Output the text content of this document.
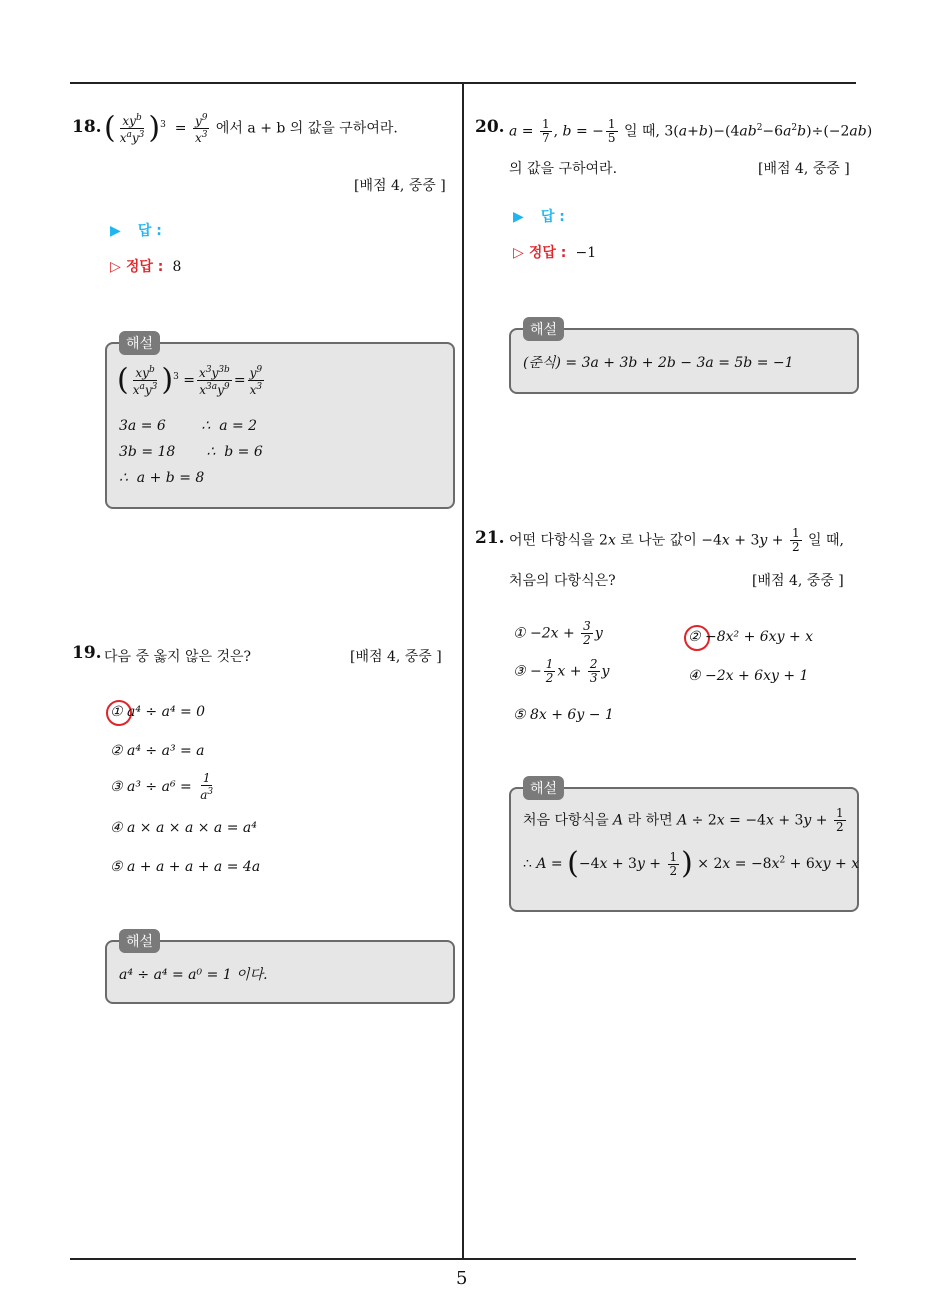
5
18. ( $\frac{xy^b}{x^ay^3} )^3 = \frac{y^9}{x^3}$ 에서 a + b 의 값을 구하여라.
[배점 4, 중중 ]
▶ 답 :
▷ 정답 : 8
( $\frac{xy^b}{x^ay^3} )^3 = \frac{x^3y^{3b}}{x^{3a}y^9} = \frac{y^9}{x^3}$
3a = 6        ∴  a = 2
3b = 18       ∴  b = 6
∴  a + b = 8
해설
19. 다음 중 옳지 않은 것은?	[배점 4, 중중 ]
① a⁴ ÷ a⁴ = 0
② a⁴ ÷ a³ = a
③ $a^3 \div a^6 = \frac{1}{a^3}$
④ a × a × a × a = a⁴
⑤ a + a + a + a = 4a
a⁴ ÷ a⁴ = a⁰ = 1 이다.
해설
20. $a = \frac{1}{7}$ , b = − $\frac{1}{5}$ 일 때, $3(a+b)-(4ab^2-6a^2b)\div(-2ab)$
의 값을 구하여라.	[배점 4, 중중 ]
▶ 답 :
▷ 정답 : −1
(준식) = 3a + 3b + 2b − 3a = 5b = −1
해설
21. 어떤 다항식을 2x 로 나눈 값이 $-4x + 3y + \frac{1}{2}$ 일 때,
처음의 다항식은?	[배점 4, 중중 ]
① $-2x + \frac{3}{2}$ y	② −8x² + 6xy + x
③ − $\frac{1}{2}$ $x + \frac{2}{3}$ y	④ −2x + 6xy + 1
⑤ 8x + 6y − 1
처음 다항식을 A 라 하면 $A \div 2x = -4x + 3y + \frac{1}{2}$
∴ $A = (-4x + 3y + \frac{1}{2}$ ) × $2x = -8x^2 + 6xy + x$
해설
